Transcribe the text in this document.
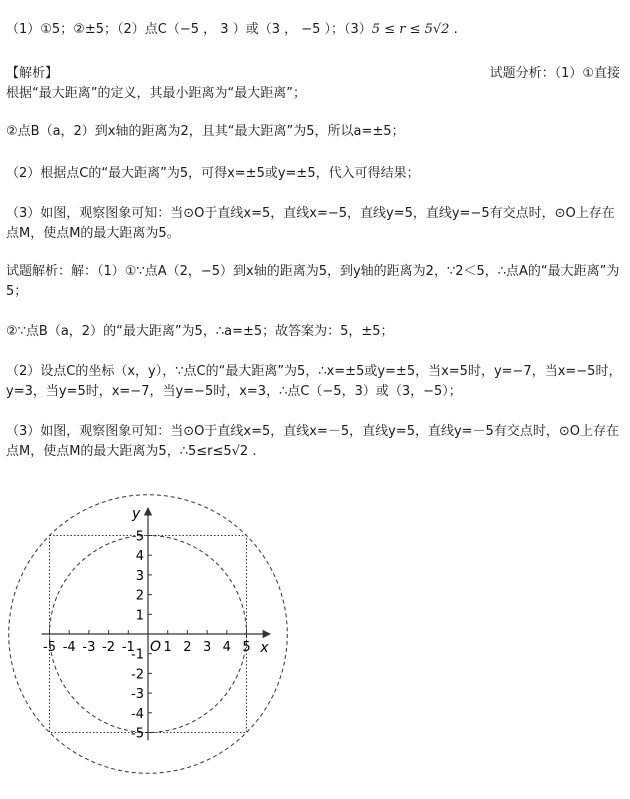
（1）①5；②±5；（2）点C（−5 ， 3 ）或（3 ， −5 ）；（3）5 ≤ r ≤ 5√2 .
【解析】	试题分析：（1）①直接
根据“最大距离”的定义，其最小距离为“最大距离”；
②点B（a，2）到x轴的距离为2，且其“最大距离”为5，所以a=±5；
（2）根据点C的“最大距离”为5，可得x=±5或y=±5，代入可得结果；
（3）如图，观察图象可知：当⊙O于直线x=5，直线x=−5，直线y=5，直线y=−5有交点时，⊙O上存在点M，使点M的最大距离为5。
试题解析：解：（1）①∵点A（2，−5）到x轴的距离为5，到y轴的距离为2，∵2＜5，∴点A的“最大距离”为5；
②∵点B（a，2）的“最大距离”为5，∴a=±5；故答案为：5，±5；
（2）设点C的坐标（x，y），∵点C的“最大距离”为5，∴x=±5或y=±5，当x=5时，y=−7，当x=−5时，y=3，当y=5时，x=−7，当y=−5时，x=3，∴点C（−5，3）或（3，−5）；
（3）如图，观察图象可知：当⊙O于直线x=5，直线x=－5，直线y=5，直线y=－5有交点时，⊙O上存在点M，使点M的最大距离为5，∴5≤r≤5√2 .
-5 -4 -3 -2 -1 1 2 3 4 5
5
4
3
2
1
-1
-2
-3
-4
-5
x
y
O
